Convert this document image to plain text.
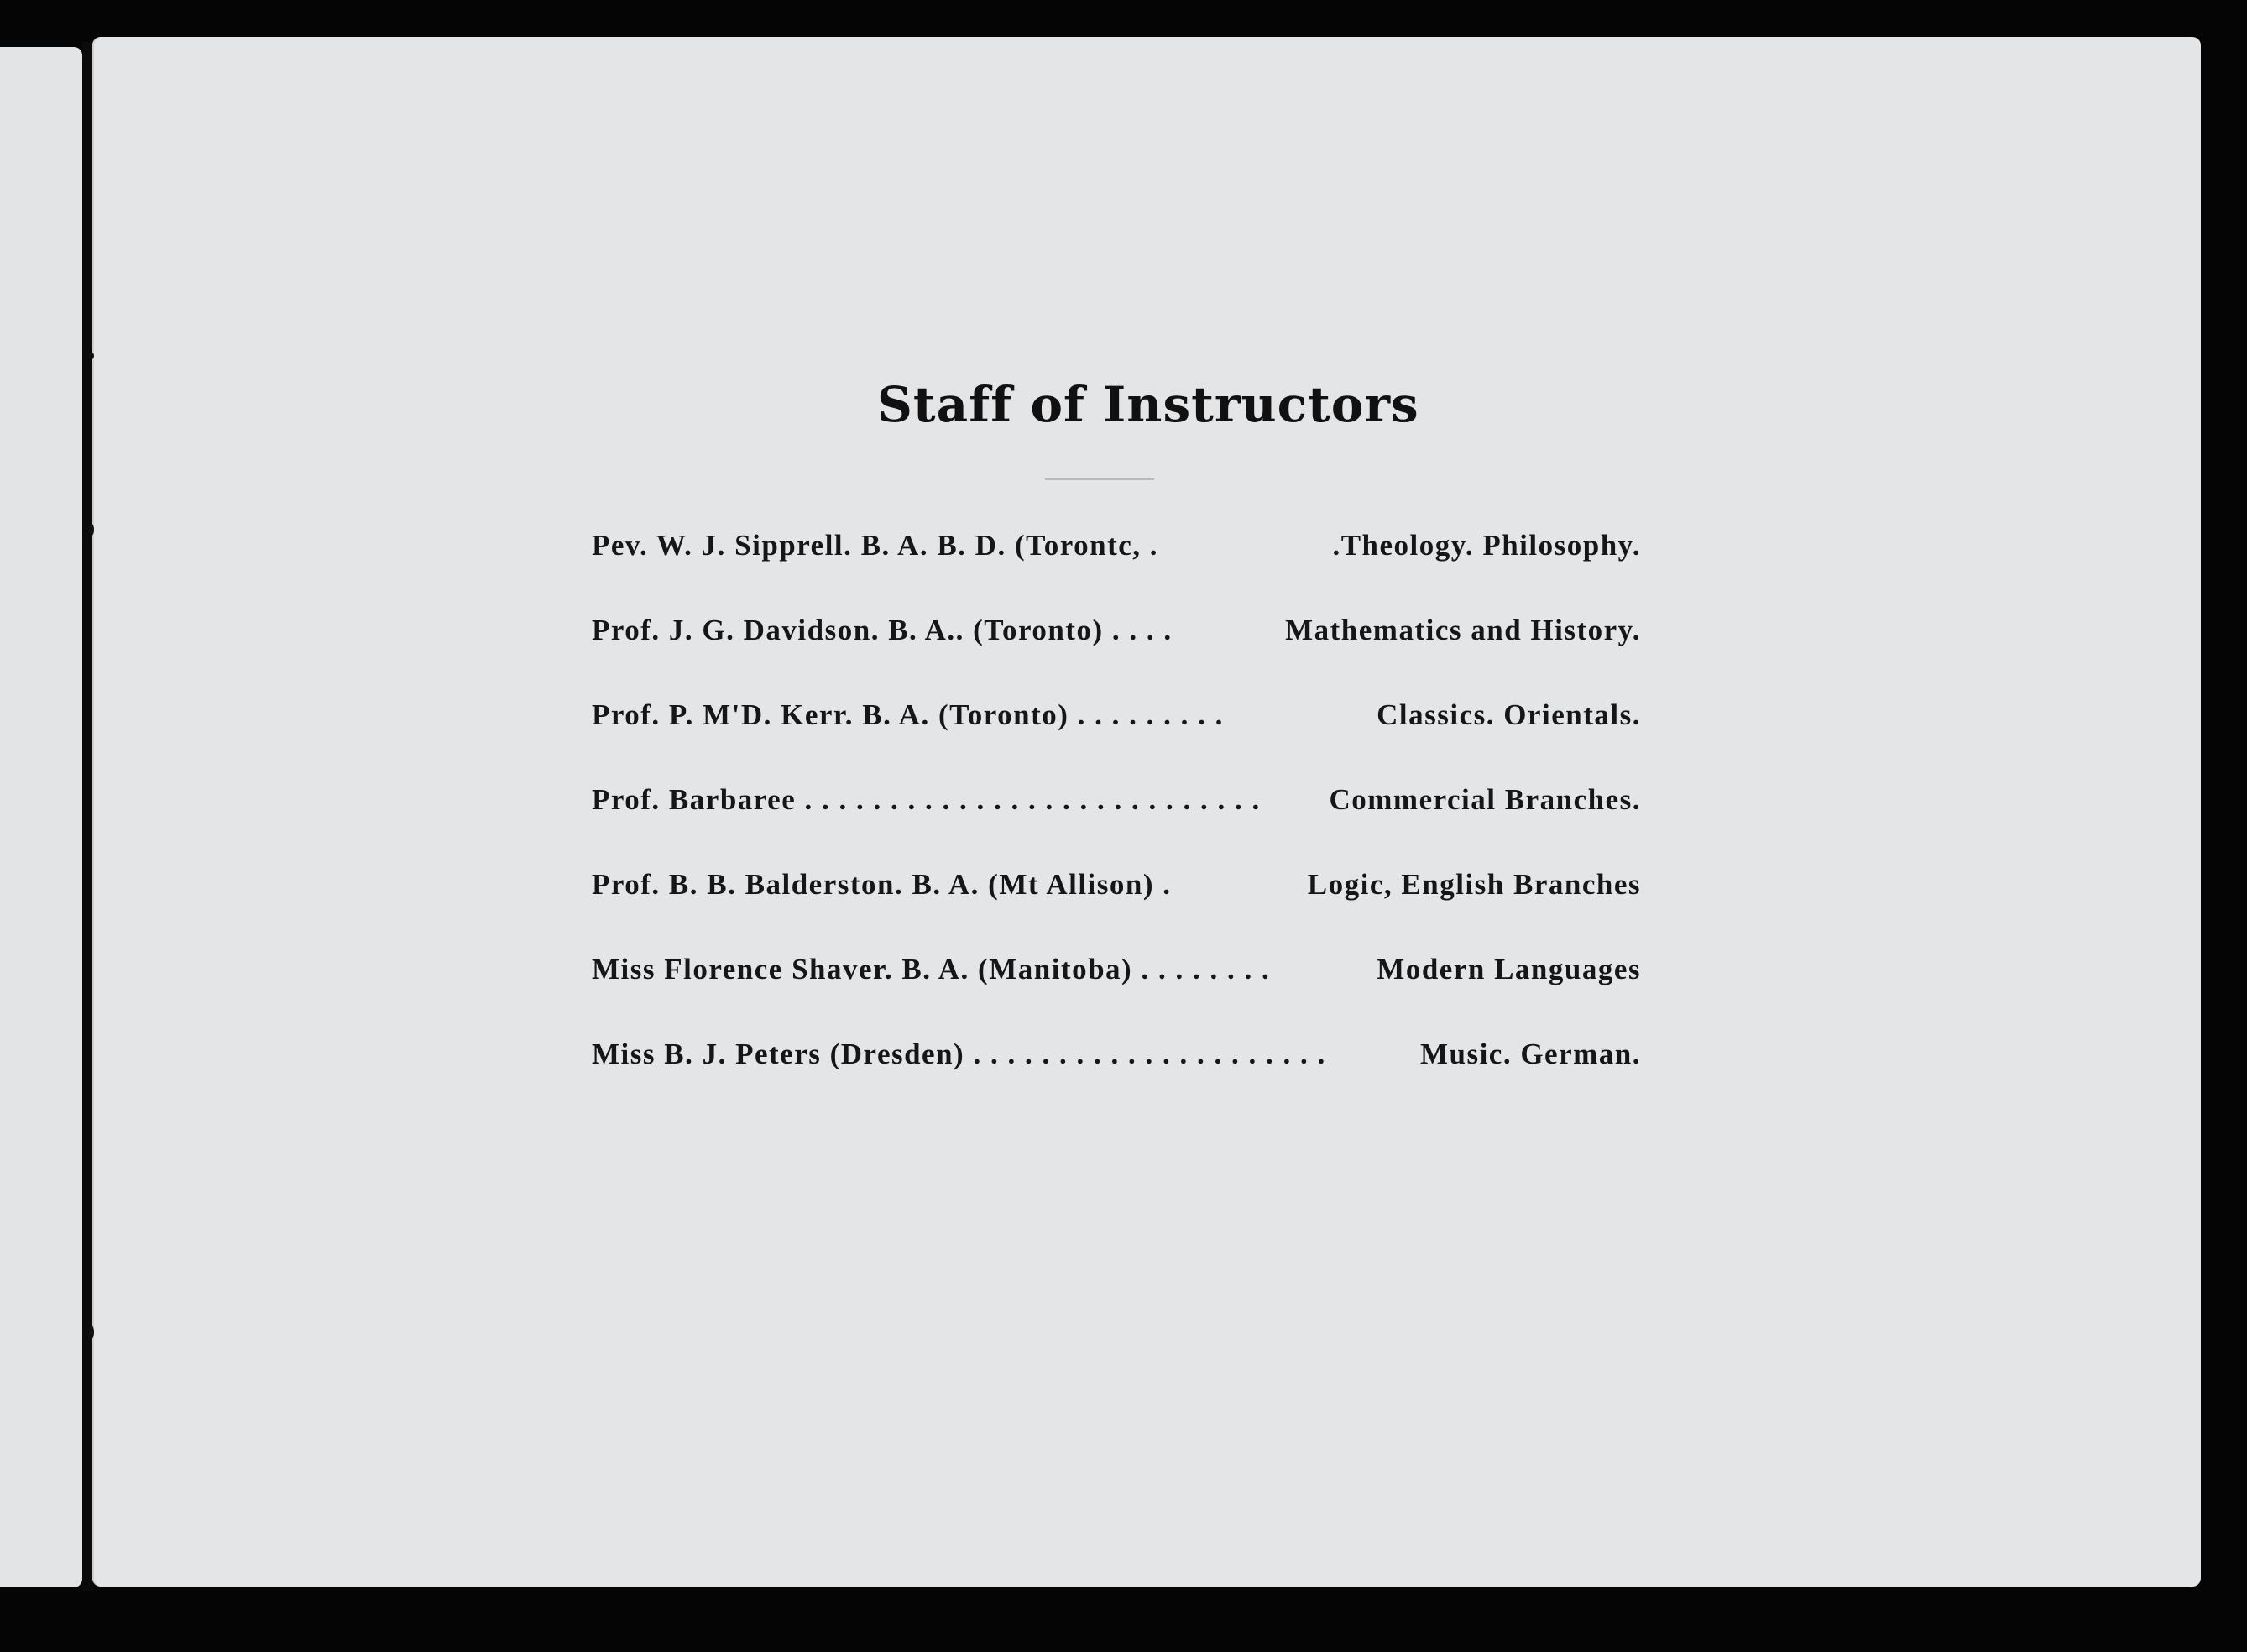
Staff of Instructors
Pev. W. J. Sipprell. B. A. B. D. (Torontc, .	.Theology. Philosophy.
Prof. J. G. Davidson. B. A.. (Toronto) . . . .	Mathematics and History.
Prof. P. M'D. Kerr. B. A. (Toronto) . . . . . . . . .	Classics. Orientals.
Prof. Barbaree . . . . . . . . . . . . . . . . . . . . . . . . . . . Commercial Branches.
Prof. B. B. Balderston. B. A. (Mt Allison) .	Logic, English Branches
Miss Florence Shaver. B. A. (Manitoba) . . . . . . . .	Modern Languages
Miss B. J. Peters (Dresden) . . . . . . . . . . . . . . . . . . . . .	Music. German.
